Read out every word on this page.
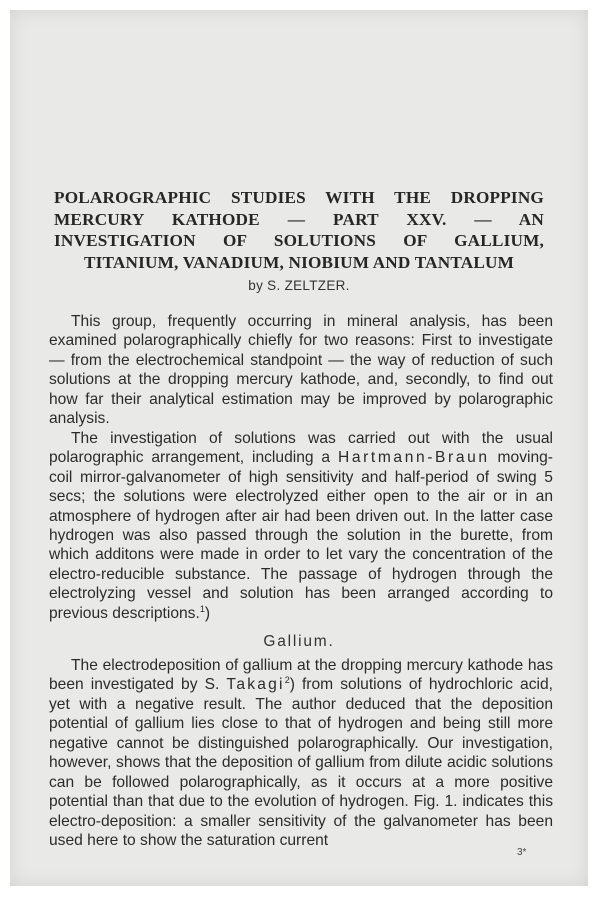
POLAROGRAPHIC STUDIES WITH THE DROPPING MERCURY KATHODE — PART XXV. — AN INVESTIGATION OF SOLUTIONS OF GALLIUM, TITANIUM, VANADIUM, NIOBIUM AND TANTALUM
by S. ZELTZER.

This group, frequently occurring in mineral analysis, has been examined polarographically chiefly for two reasons: First to investigate — from the electrochemical standpoint — the way of reduction of such solutions at the dropping mercury kathode, and, secondly, to find out how far their analytical estimation may be improved by polarographic analysis.

The investigation of solutions was carried out with the usual polarographic arrangement, including a Hartmann-Braun moving-coil mirror-galvanometer of high sensitivity and half-period of swing 5 secs; the solutions were electrolyzed either open to the air or in an atmosphere of hydrogen after air had been driven out. In the latter case hydrogen was also passed through the solution in the burette, from which additons were made in order to let vary the concentration of the electro-reducible substance. The passage of hydrogen through the electrolyzing vessel and solution has been arranged according to previous descriptions.$^1$)

Gallium.

The electrodeposition of gallium at the dropping mercury kathode has been investigated by S. Takagi$^2$) from solutions of hydrochloric acid, yet with a negative result. The author deduced that the deposition potential of gallium lies close to that of hydrogen and being still more negative cannot be distinguished polarographically. Our investigation, however, shows that the deposition of gallium from dilute acidic solutions can be followed polarographically, as it occurs at a more positive potential than that due to the evolution of hydrogen. Fig. 1. indicates this electro-deposition: a smaller sensitivity of the galvanometer has been used here to show the saturation current

3*
